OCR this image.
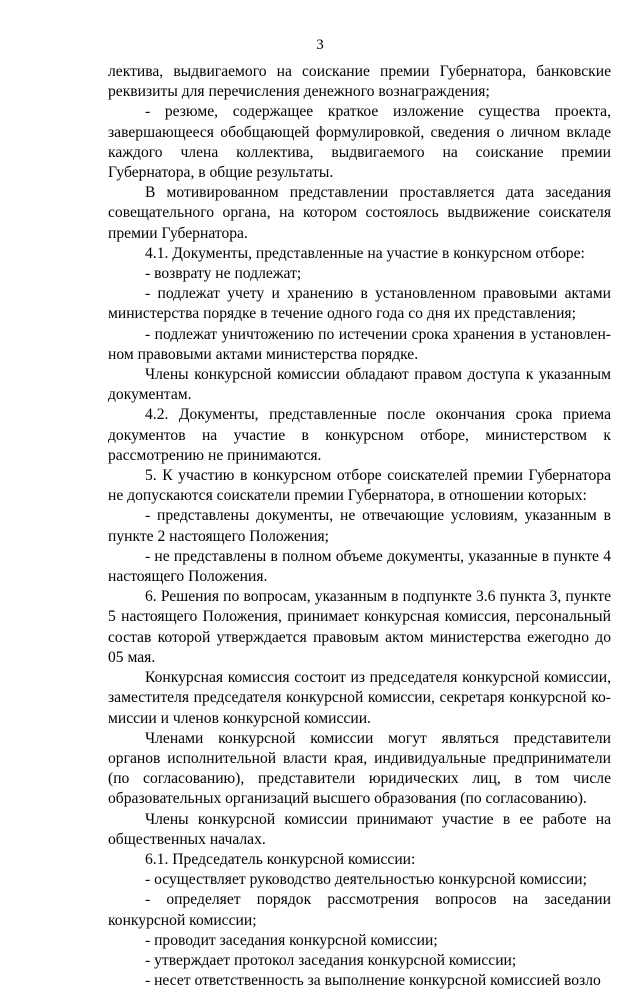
3

лектива, выдвигаемого на соискание премии Губернатора, банковские реквизиты для перечисления денежного вознаграждения;

- резюме, содержащее краткое изложение существа проекта, завершающееся обобщающей формулировкой, сведения о личном вкладе каждого члена коллектива, выдвигаемого на соискание премии Губернатора, в общие результаты.

В мотивированном представлении проставляется дата заседания совещательного органа, на котором состоялось выдвижение соискателя премии Губернатора.

4.1. Документы, представленные на участие в конкурсном отборе:

- возврату не подлежат;

- подлежат учету и хранению в установленном правовыми актами министерства порядке в течение одного года со дня их представления;

- подлежат уничтожению по истечении срока хранения в установленном правовыми актами министерства порядке.

Члены конкурсной комиссии обладают правом доступа к указанным документам.

4.2. Документы, представленные после окончания срока приема документов на участие в конкурсном отборе, министерством к рассмотрению не принимаются.

5. К участию в конкурсном отборе соискателей премии Губернатора не допускаются соискатели премии Губернатора, в отношении которых:

- представлены документы, не отвечающие условиям, указанным в пункте 2 настоящего Положения;

- не представлены в полном объеме документы, указанные в пункте 4 настоящего Положения.

6. Решения по вопросам, указанным в подпункте 3.6 пункта 3, пункте 5 настоящего Положения, принимает конкурсная комиссия, персональный состав которой утверждается правовым актом министерства ежегодно до 05 мая.

Конкурсная комиссия состоит из председателя конкурсной комиссии, заместителя председателя конкурсной комиссии, секретаря конкурсной комиссии и членов конкурсной комиссии.

Членами конкурсной комиссии могут являться представители органов исполнительной власти края, индивидуальные предприниматели (по согласованию), представители юридических лиц, в том числе образовательных организаций высшего образования (по согласованию).

Члены конкурсной комиссии принимают участие в ее работе на общественных началах.

6.1. Председатель конкурсной комиссии:

- осуществляет руководство деятельностью конкурсной комиссии;

- определяет порядок рассмотрения вопросов на заседании конкурсной комиссии;

- проводит заседания конкурсной комиссии;

- утверждает протокол заседания конкурсной комиссии;

- несет ответственность за выполнение конкурсной комиссией возло
